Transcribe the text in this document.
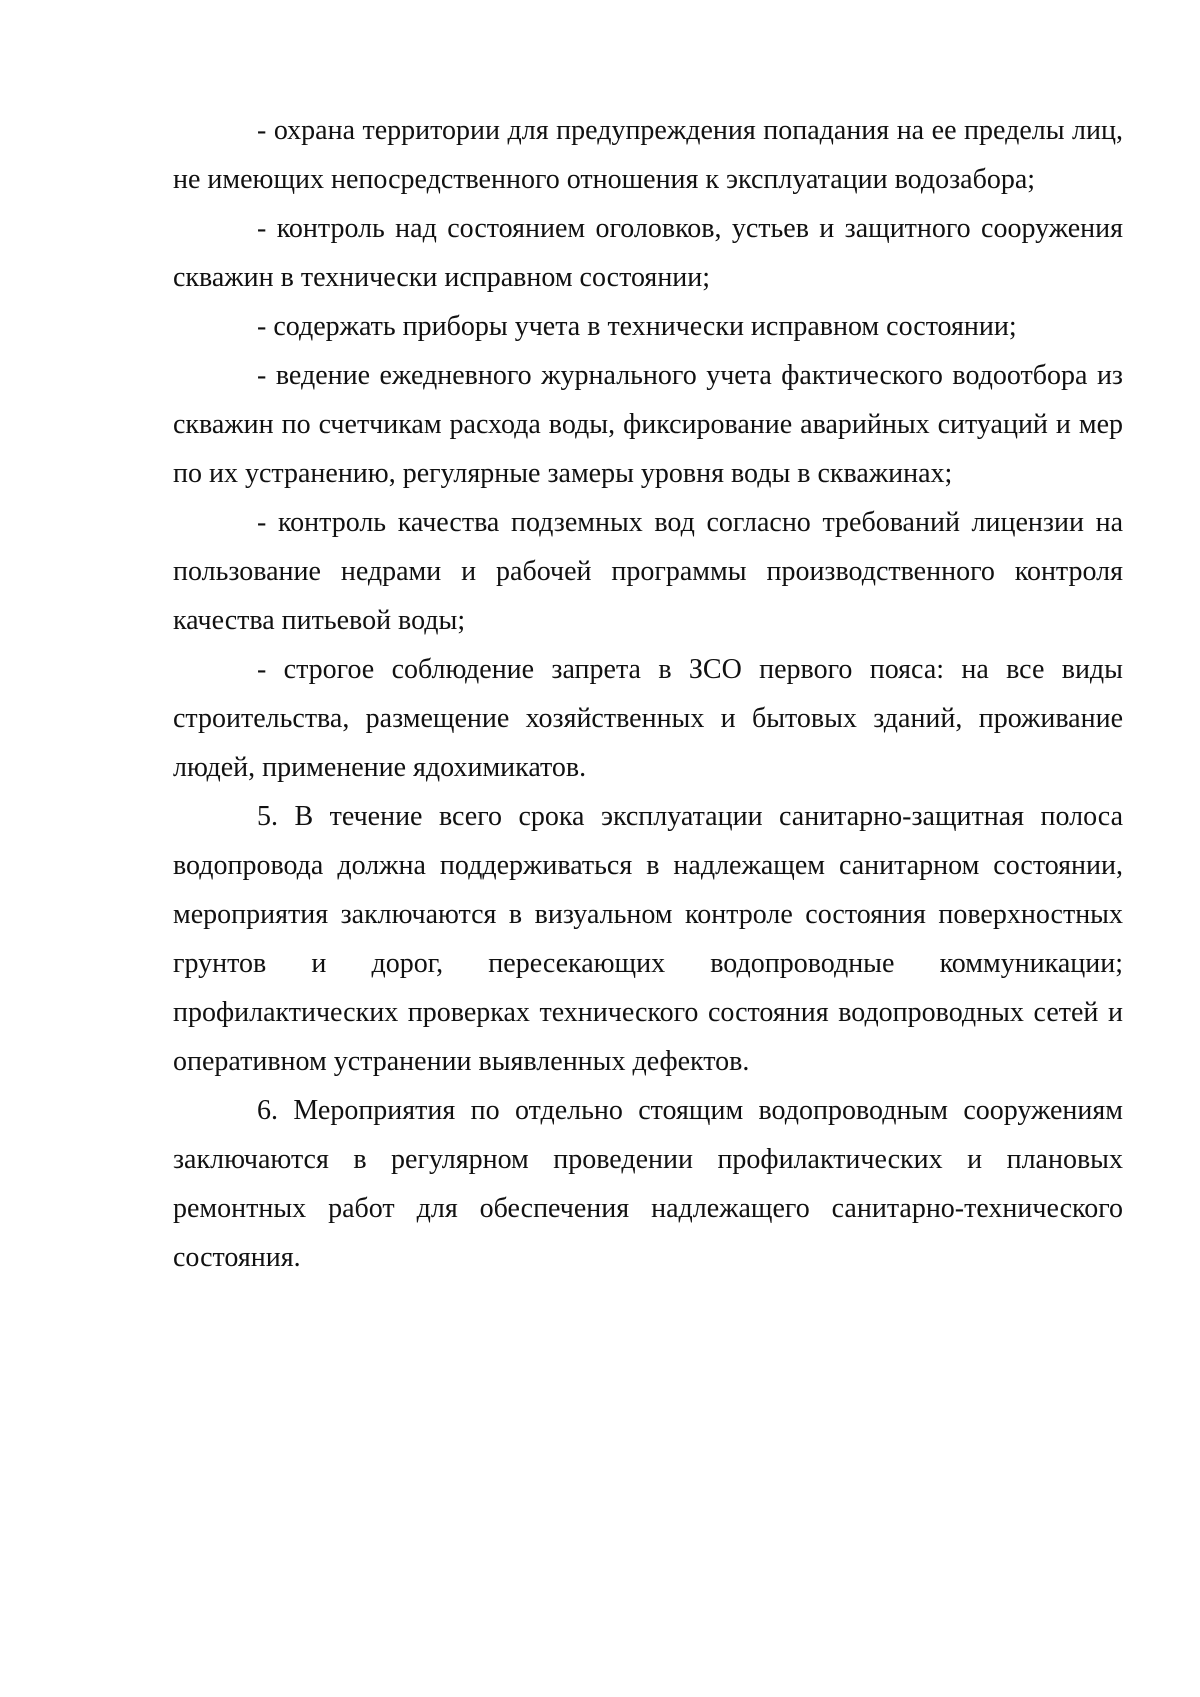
- охрана территории для предупреждения попадания на ее пределы лиц, не имеющих непосредственного отношения к эксплуатации водозабора;

- контроль над состоянием оголовков, устьев и защитного сооружения скважин в технически исправном состоянии;

- содержать приборы учета в технически исправном состоянии;

- ведение ежедневного журнального учета фактического водоотбора из скважин по счетчикам расхода воды, фиксирование аварийных ситуаций и мер по их устранению, регулярные замеры уровня воды в скважинах;

- контроль качества подземных вод согласно требований лицензии на пользование недрами и рабочей программы производственного контроля качества питьевой воды;

- строгое соблюдение запрета в ЗСО первого пояса: на все виды строительства, размещение хозяйственных и бытовых зданий, проживание людей, применение ядохимикатов.

5. В течение всего срока эксплуатации санитарно-защитная полоса водопровода должна поддерживаться в надлежащем санитарном состоянии, мероприятия заключаются в визуальном контроле состояния поверхностных грунтов и дорог, пересекающих водопроводные коммуникации; профилактических проверках технического состояния водопроводных сетей и оперативном устранении выявленных дефектов.

6. Мероприятия по отдельно стоящим водопроводным сооружениям заключаются в регулярном проведении профилактических и плановых ремонтных работ для обеспечения надлежащего санитарно-технического состояния.
